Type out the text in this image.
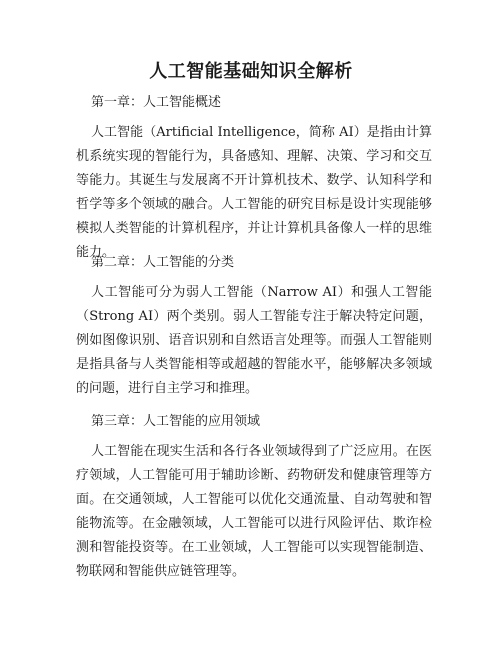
人工智能基础知识全解析
第一章：人工智能概述
人工智能（Artificial Intelligence，简称 AI）是指由计算机系统实现的智能行为，具备感知、理解、决策、学习和交互等能力。其诞生与发展离不开计算机技术、数学、认知科学和哲学等多个领域的融合。人工智能的研究目标是设计实现能够模拟人类智能的计算机程序，并让计算机具备像人一样的思维能力。
第二章：人工智能的分类
人工智能可分为弱人工智能（Narrow AI）和强人工智能（Strong AI）两个类别。弱人工智能专注于解决特定问题，例如图像识别、语音识别和自然语言处理等。而强人工智能则是指具备与人类智能相等或超越的智能水平，能够解决多领域的问题，进行自主学习和推理。
第三章：人工智能的应用领域
人工智能在现实生活和各行各业领域得到了广泛应用。在医疗领域，人工智能可用于辅助诊断、药物研发和健康管理等方面。在交通领域，人工智能可以优化交通流量、自动驾驶和智能物流等。在金融领域，人工智能可以进行风险评估、欺诈检测和智能投资等。在工业领域，人工智能可以实现智能制造、物联网和智能供应链管理等。
